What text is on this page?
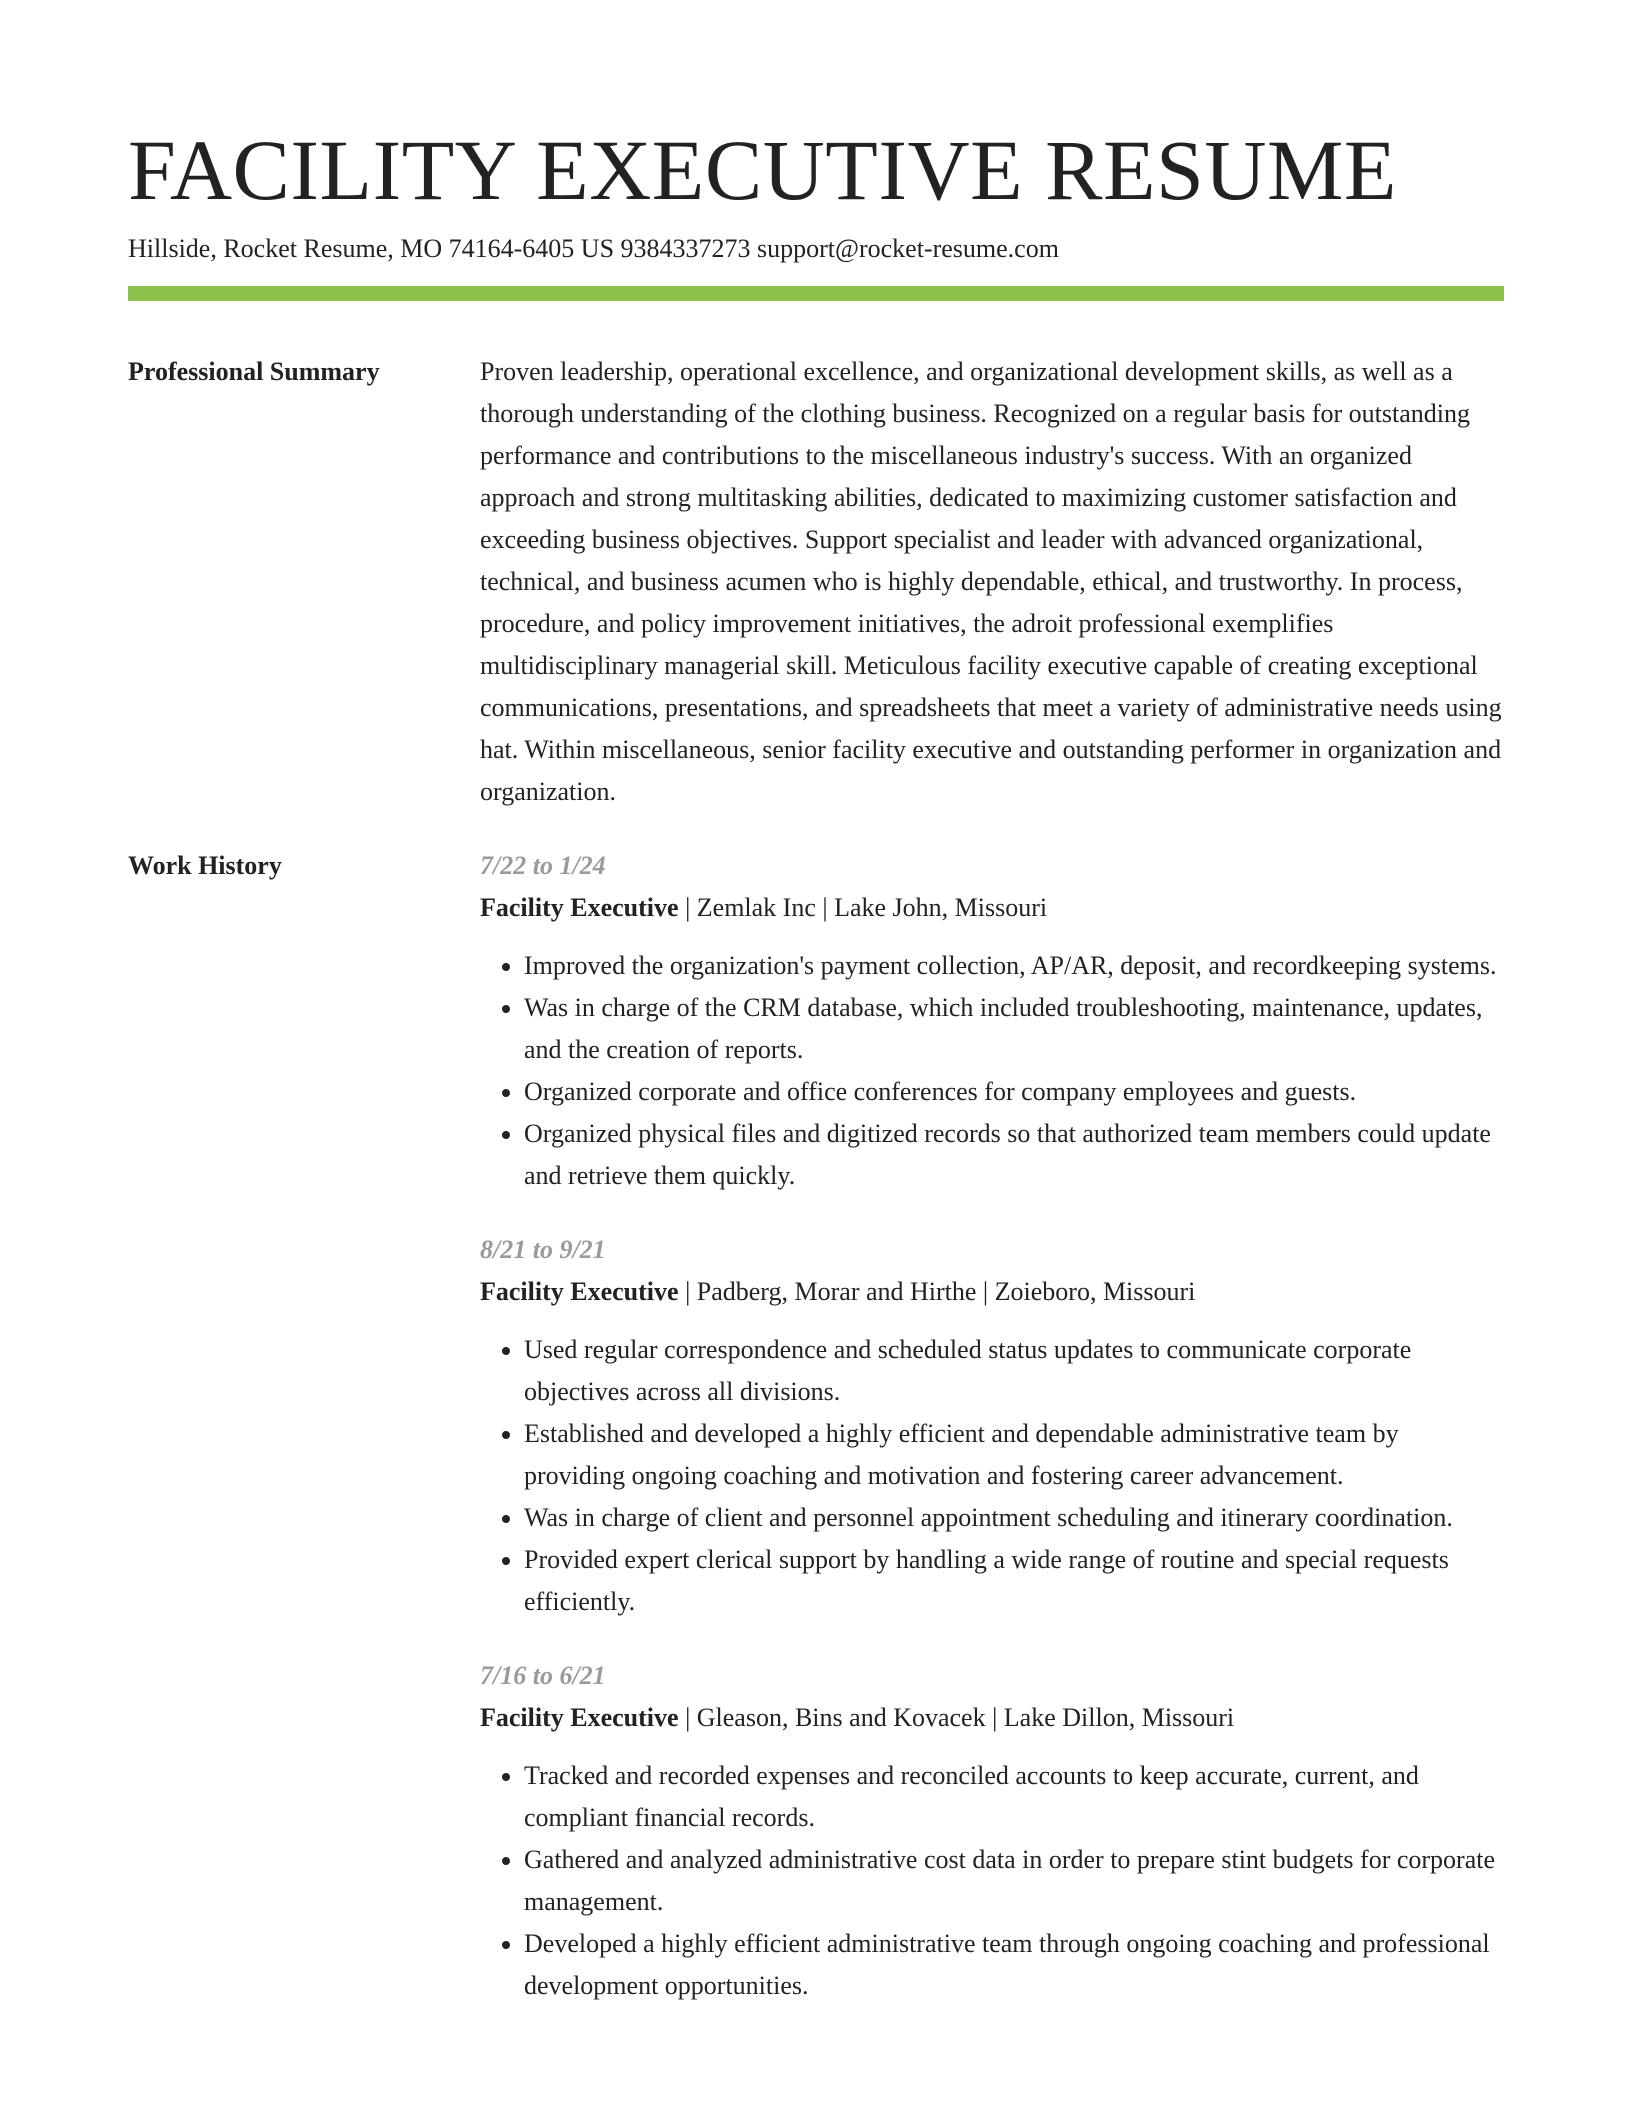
FACILITY EXECUTIVE RESUME
Hillside, Rocket Resume, MO 74164-6405 US 9384337273 support@rocket-resume.com
Professional Summary	Proven leadership, operational excellence, and organizational development skills, as well as a thorough understanding of the clothing business. Recognized on a regular basis for outstanding performance and contributions to the miscellaneous industry's success. With an organized approach and strong multitasking abilities, dedicated to maximizing customer satisfaction and exceeding business objectives. Support specialist and leader with advanced organizational, technical, and business acumen who is highly dependable, ethical, and trustworthy. In process, procedure, and policy improvement initiatives, the adroit professional exemplifies multidisciplinary managerial skill. Meticulous facility executive capable of creating exceptional communications, presentations, and spreadsheets that meet a variety of administrative needs using hat. Within miscellaneous, senior facility executive and outstanding performer in organization and organization.

Work History	7/22 to 1/24
Facility Executive | Zemlak Inc | Lake John, Missouri
• Improved the organization's payment collection, AP/AR, deposit, and recordkeeping systems.
• Was in charge of the CRM database, which included troubleshooting, maintenance, updates, and the creation of reports.
• Organized corporate and office conferences for company employees and guests.
• Organized physical files and digitized records so that authorized team members could update and retrieve them quickly.
8/21 to 9/21
Facility Executive | Padberg, Morar and Hirthe | Zoieboro, Missouri
• Used regular correspondence and scheduled status updates to communicate corporate objectives across all divisions.
• Established and developed a highly efficient and dependable administrative team by providing ongoing coaching and motivation and fostering career advancement.
• Was in charge of client and personnel appointment scheduling and itinerary coordination.
• Provided expert clerical support by handling a wide range of routine and special requests efficiently.
7/16 to 6/21
Facility Executive | Gleason, Bins and Kovacek | Lake Dillon, Missouri
• Tracked and recorded expenses and reconciled accounts to keep accurate, current, and compliant financial records.
• Gathered and analyzed administrative cost data in order to prepare stint budgets for corporate management.
• Developed a highly efficient administrative team through ongoing coaching and professional development opportunities.
